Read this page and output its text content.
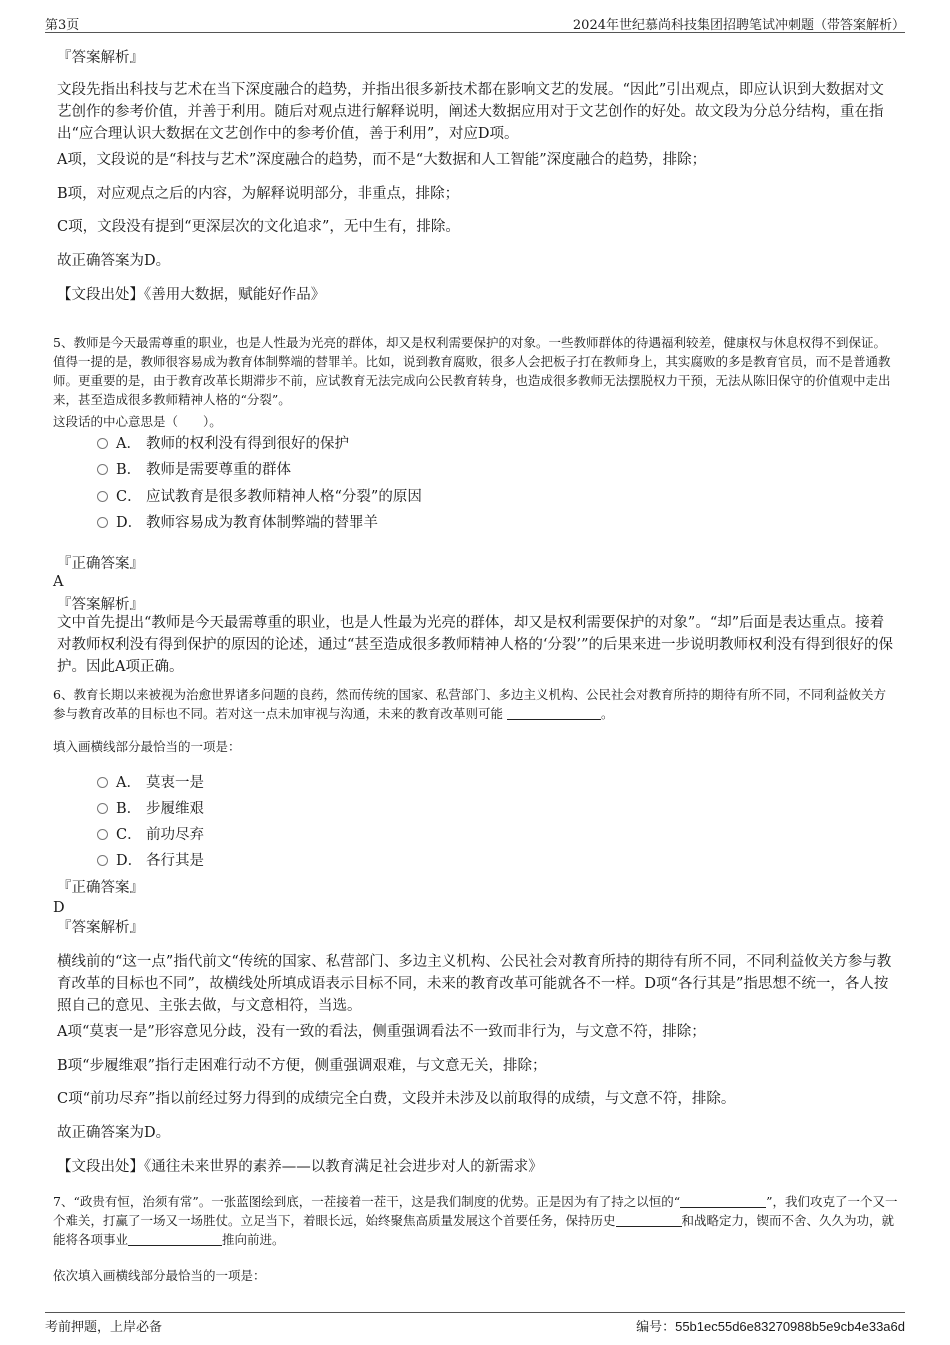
第3页	2024年世纪慕尚科技集团招聘笔试冲刺题（带答案解析）

『答案解析』

文段先指出科技与艺术在当下深度融合的趋势，并指出很多新技术都在影响文艺的发展。“因此”引出观点，即应认识到大数据对文艺创作的参考价值，并善于利用。随后对观点进行解释说明，阐述大数据应用对于文艺创作的好处。故文段为分总分结构，重在指出“应合理认识大数据在文艺创作中的参考价值，善于利用”，对应D项。

A项，文段说的是“科技与艺术”深度融合的趋势，而不是“大数据和人工智能”深度融合的趋势，排除；

B项，对应观点之后的内容，为解释说明部分，非重点，排除；

C项，文段没有提到“更深层次的文化追求”，无中生有，排除。

故正确答案为D。

【文段出处】《善用大数据，赋能好作品》

5、教师是今天最需尊重的职业，也是人性最为光亮的群体，却又是权利需要保护的对象。一些教师群体的待遇福利较差，健康权与休息权得不到保证。值得一提的是，教师很容易成为教育体制弊端的替罪羊。比如，说到教育腐败，很多人会把板子打在教师身上，其实腐败的多是教育官员，而不是普通教师。更重要的是，由于教育改革长期滞步不前，应试教育无法完成向公民教育转身，也造成很多教师无法摆脱权力干预，无法从陈旧保守的价值观中走出来，甚至造成很多教师精神人格的“分裂”。

这段话的中心意思是（　　）。

A． 教师的权利没有得到很好的保护
B． 教师是需要尊重的群体
C． 应试教育是很多教师精神人格“分裂”的原因
D． 教师容易成为教育体制弊端的替罪羊

『正确答案』

A

『答案解析』

文中首先提出“教师是今天最需尊重的职业，也是人性最为光亮的群体，却又是权利需要保护的对象”。“却”后面是表达重点。接着对教师权利没有得到保护的原因的论述，通过“甚至造成很多教师精神人格的‘分裂’”的后果来进一步说明教师权利没有得到很好的保护。因此A项正确。

6、教育长期以来被视为治愈世界诸多问题的良药，然而传统的国家、私营部门、多边主义机构、公民社会对教育所持的期待有所不同，不同利益攸关方参与教育改革的目标也不同。若对这一点未加审视与沟通，未来的教育改革则可能	。

填入画横线部分最恰当的一项是：

A． 莫衷一是
B． 步履维艰
C． 前功尽弃
D． 各行其是

『正确答案』

D

『答案解析』

横线前的“这一点”指代前文“传统的国家、私营部门、多边主义机构、公民社会对教育所持的期待有所不同，不同利益攸关方参与教育改革的目标也不同”，故横线处所填成语表示目标不同，未来的教育改革可能就各不一样。D项“各行其是”指思想不统一，各人按照自己的意见、主张去做，与文意相符，当选。

A项“莫衷一是”形容意见分歧，没有一致的看法，侧重强调看法不一致而非行为，与文意不符，排除；

B项“步履维艰”指行走困难行动不方便，侧重强调艰难，与文意无关，排除；

C项“前功尽弃”指以前经过努力得到的成绩完全白费，文段并未涉及以前取得的成绩，与文意不符，排除。

故正确答案为D。

【文段出处】《通往未来世界的素养——以教育满足社会进步对人的新需求》

7、“政贵有恒，治须有常”。一张蓝图绘到底，一茬接着一茬干，这是我们制度的优势。正是因为有了持之以恒的“	”，我们攻克了一个又一个难关，打赢了一场又一场胜仗。立足当下，着眼长远，始终聚焦高质量发展这个首要任务，保持历史	和战略定力，锲而不舍、久久为功，就能将各项事业	推向前进。

依次填入画横线部分最恰当的一项是：

考前押题，上岸必备	编号：55b1ec55d6e83270988b5e9cb4e33a6d
